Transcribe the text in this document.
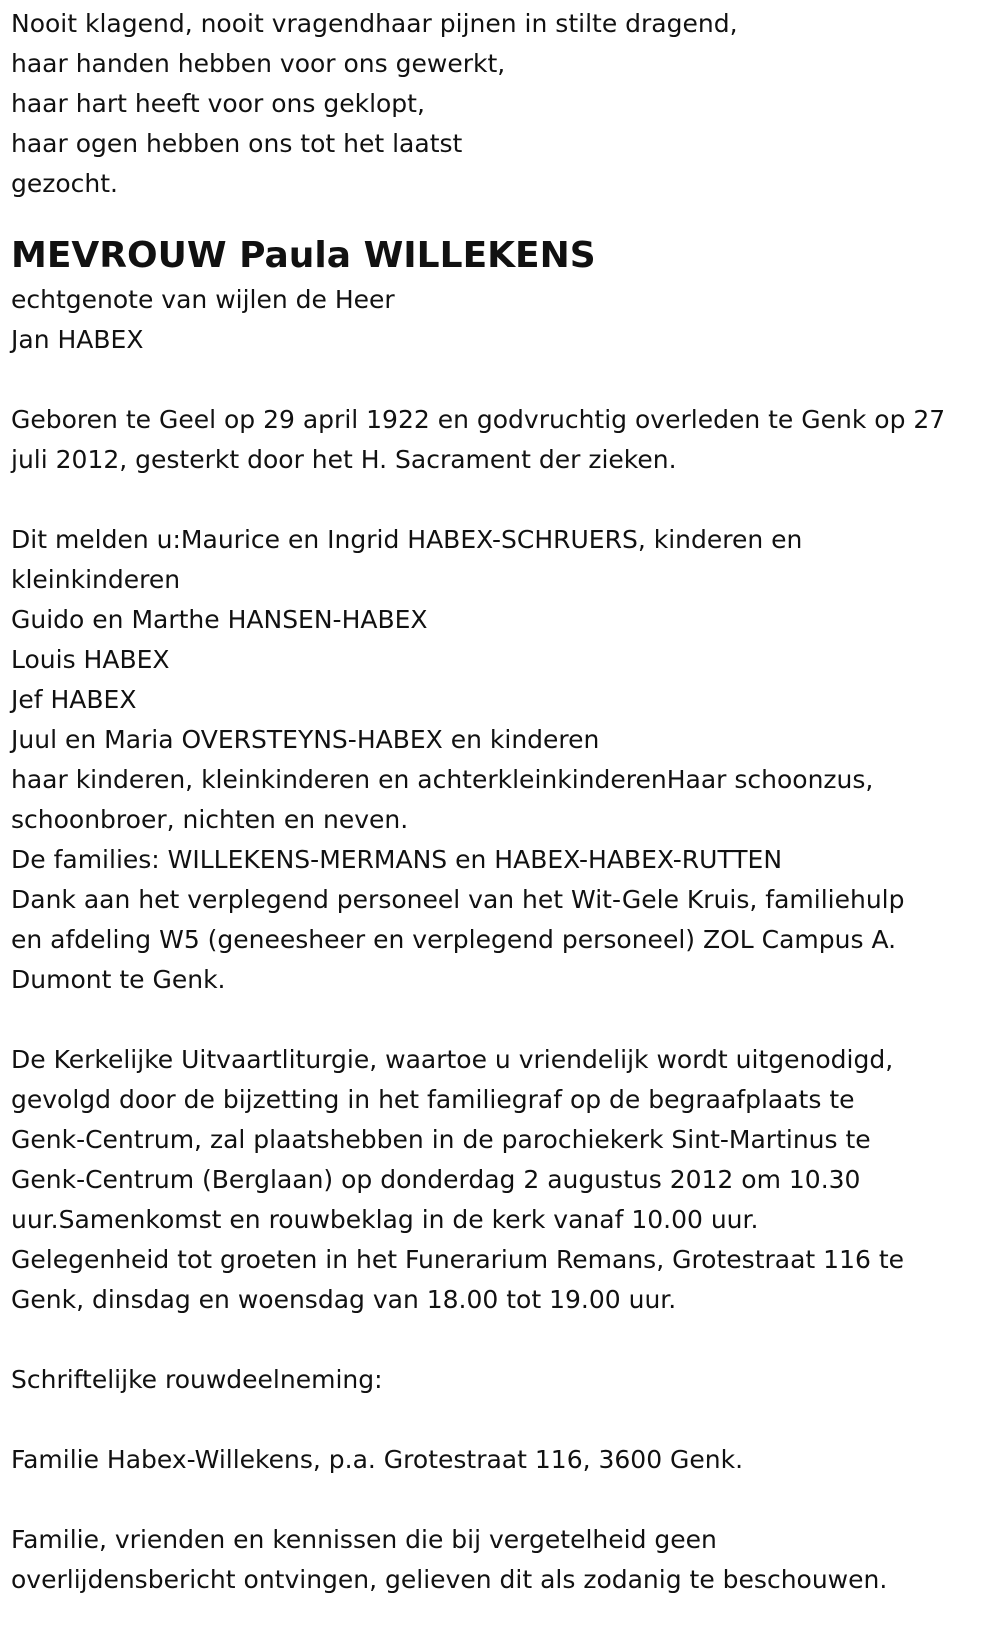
Nooit klagend, nooit vragendhaar pijnen in stilte dragend,
haar handen hebben voor ons gewerkt,
haar hart heeft voor ons geklopt,
haar ogen hebben ons tot het laatst
gezocht.
MEVROUW Paula WILLEKENS
echtgenote van wijlen de Heer
Jan HABEX
Geboren te Geel op 29 april 1922 en godvruchtig overleden te Genk op 27
juli 2012, gesterkt door het H. Sacrament der zieken.
Dit melden u:Maurice en Ingrid HABEX-SCHRUERS, kinderen en
kleinkinderen
Guido en Marthe HANSEN-HABEX
Louis HABEX
Jef HABEX
Juul en Maria OVERSTEYNS-HABEX en kinderen
haar kinderen, kleinkinderen en achterkleinkinderenHaar schoonzus,
schoonbroer, nichten en neven.
De families: WILLEKENS-MERMANS en HABEX-HABEX-RUTTEN
Dank aan het verplegend personeel van het Wit-Gele Kruis, familiehulp
en afdeling W5 (geneesheer en verplegend personeel) ZOL Campus A.
Dumont te Genk.
De Kerkelijke Uitvaartliturgie, waartoe u vriendelijk wordt uitgenodigd,
gevolgd door de bijzetting in het familiegraf op de begraafplaats te
Genk-Centrum, zal plaatshebben in de parochiekerk Sint-Martinus te
Genk-Centrum (Berglaan) op donderdag 2 augustus 2012 om 10.30
uur.Samenkomst en rouwbeklag in de kerk vanaf 10.00 uur.
Gelegenheid tot groeten in het Funerarium Remans, Grotestraat 116 te
Genk, dinsdag en woensdag van 18.00 tot 19.00 uur.
Schriftelijke rouwdeelneming:
Familie Habex-Willekens, p.a. Grotestraat 116, 3600 Genk.
Familie, vrienden en kennissen die bij vergetelheid geen
overlijdensbericht ontvingen, gelieven dit als zodanig te beschouwen.
